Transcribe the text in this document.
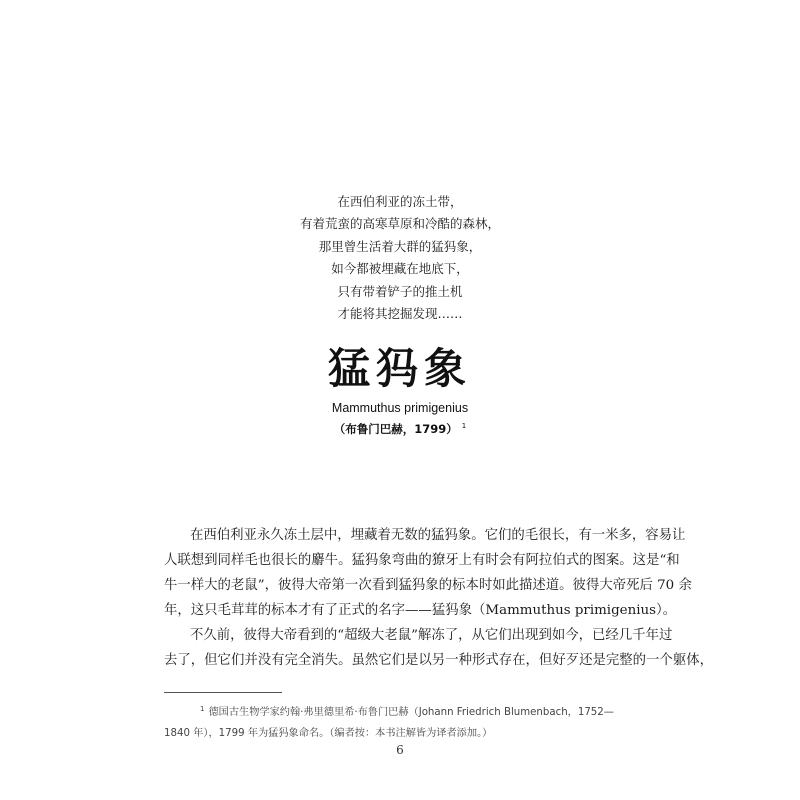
在西伯利亚的冻土带，
有着荒蛮的高寒草原和冷酷的森林，
那里曾生活着大群的猛犸象，
如今都被埋藏在地底下，
只有带着铲子的推土机
才能将其挖掘发现……
猛犸象
Mammuthus primigenius
（布鲁门巴赫，1799） $^1$
在西伯利亚永久冻土层中，埋藏着无数的猛犸象。它们的毛很长，有一米多，容易让
人联想到同样毛也很长的麝牛。猛犸象弯曲的獠牙上有时会有阿拉伯式的图案。这是“和
牛一样大的老鼠”，彼得大帝第一次看到猛犸象的标本时如此描述道。彼得大帝死后 70 余
年，这只毛茸茸的标本才有了正式的名字——猛犸象（Mammuthus primigenius）。
不久前，彼得大帝看到的“超级大老鼠”解冻了，从它们出现到如今，已经几千年过
去了，但它们并没有完全消失。虽然它们是以另一种形式存在，但好歹还是完整的一个躯体，
$^1$ 德国古生物学家约翰·弗里德里希·布鲁门巴赫（Johann Friedrich Blumenbach，1752—
1840 年），1799 年为猛犸象命名。（编者按：本书注解皆为译者添加。）
6
